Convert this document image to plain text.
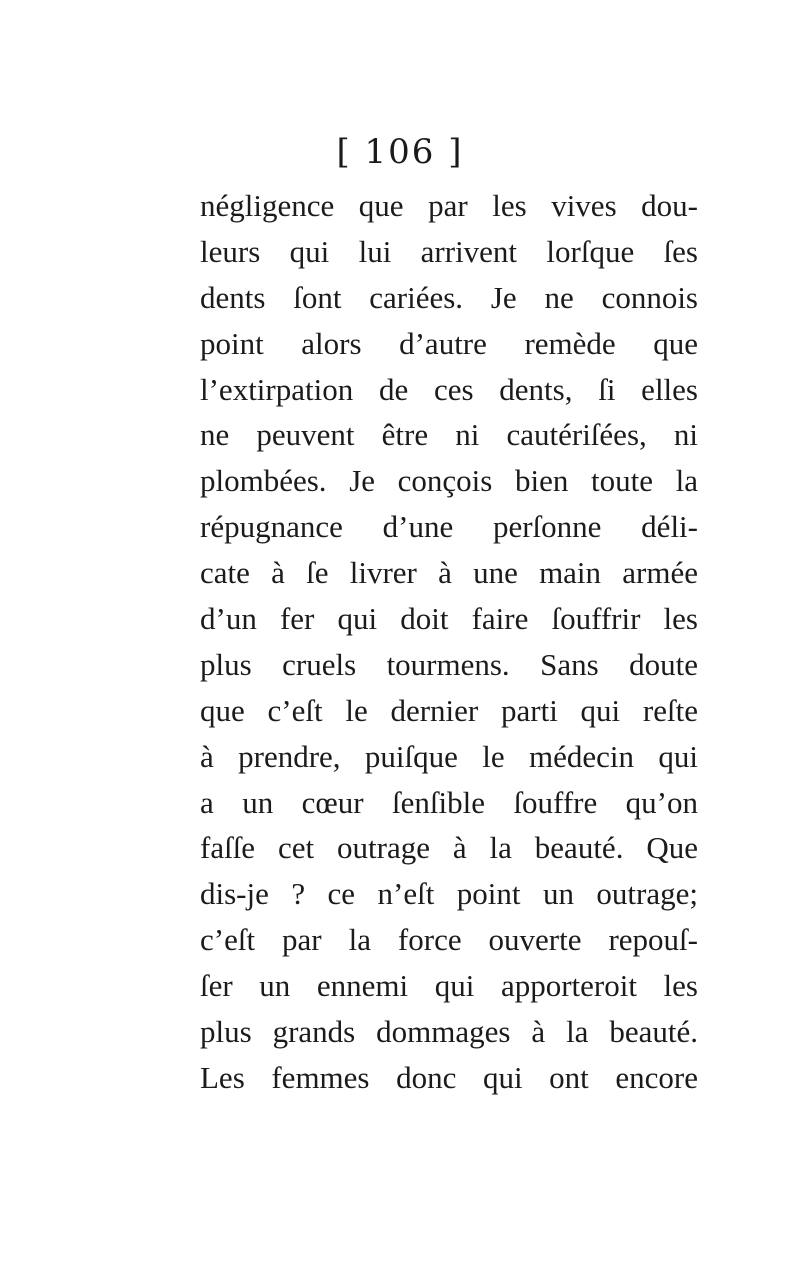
[ 106 ]
négligence que par les vives dou-
leurs qui lui arrivent lorſque ſes
dents ſont cariées. Je ne connois
point alors d’autre remède que
l’extirpation de ces dents, ſi elles
ne peuvent être ni cautériſées, ni
plombées. Je conçois bien toute la
répugnance d’une perſonne déli-
cate à ſe livrer à une main armée
d’un fer qui doit faire ſouffrir les
plus cruels tourmens. Sans doute
que c’eſt le dernier parti qui reſte
à prendre, puiſque le médecin qui
a un cœur ſenſible ſouffre qu’on
faſſe cet outrage à la beauté. Que
dis-je ? ce n’eſt point un outrage;
c’eſt par la force ouverte repouſ-
ſer un ennemi qui apporteroit les
plus grands dommages à la beauté.
Les femmes donc qui ont encore
